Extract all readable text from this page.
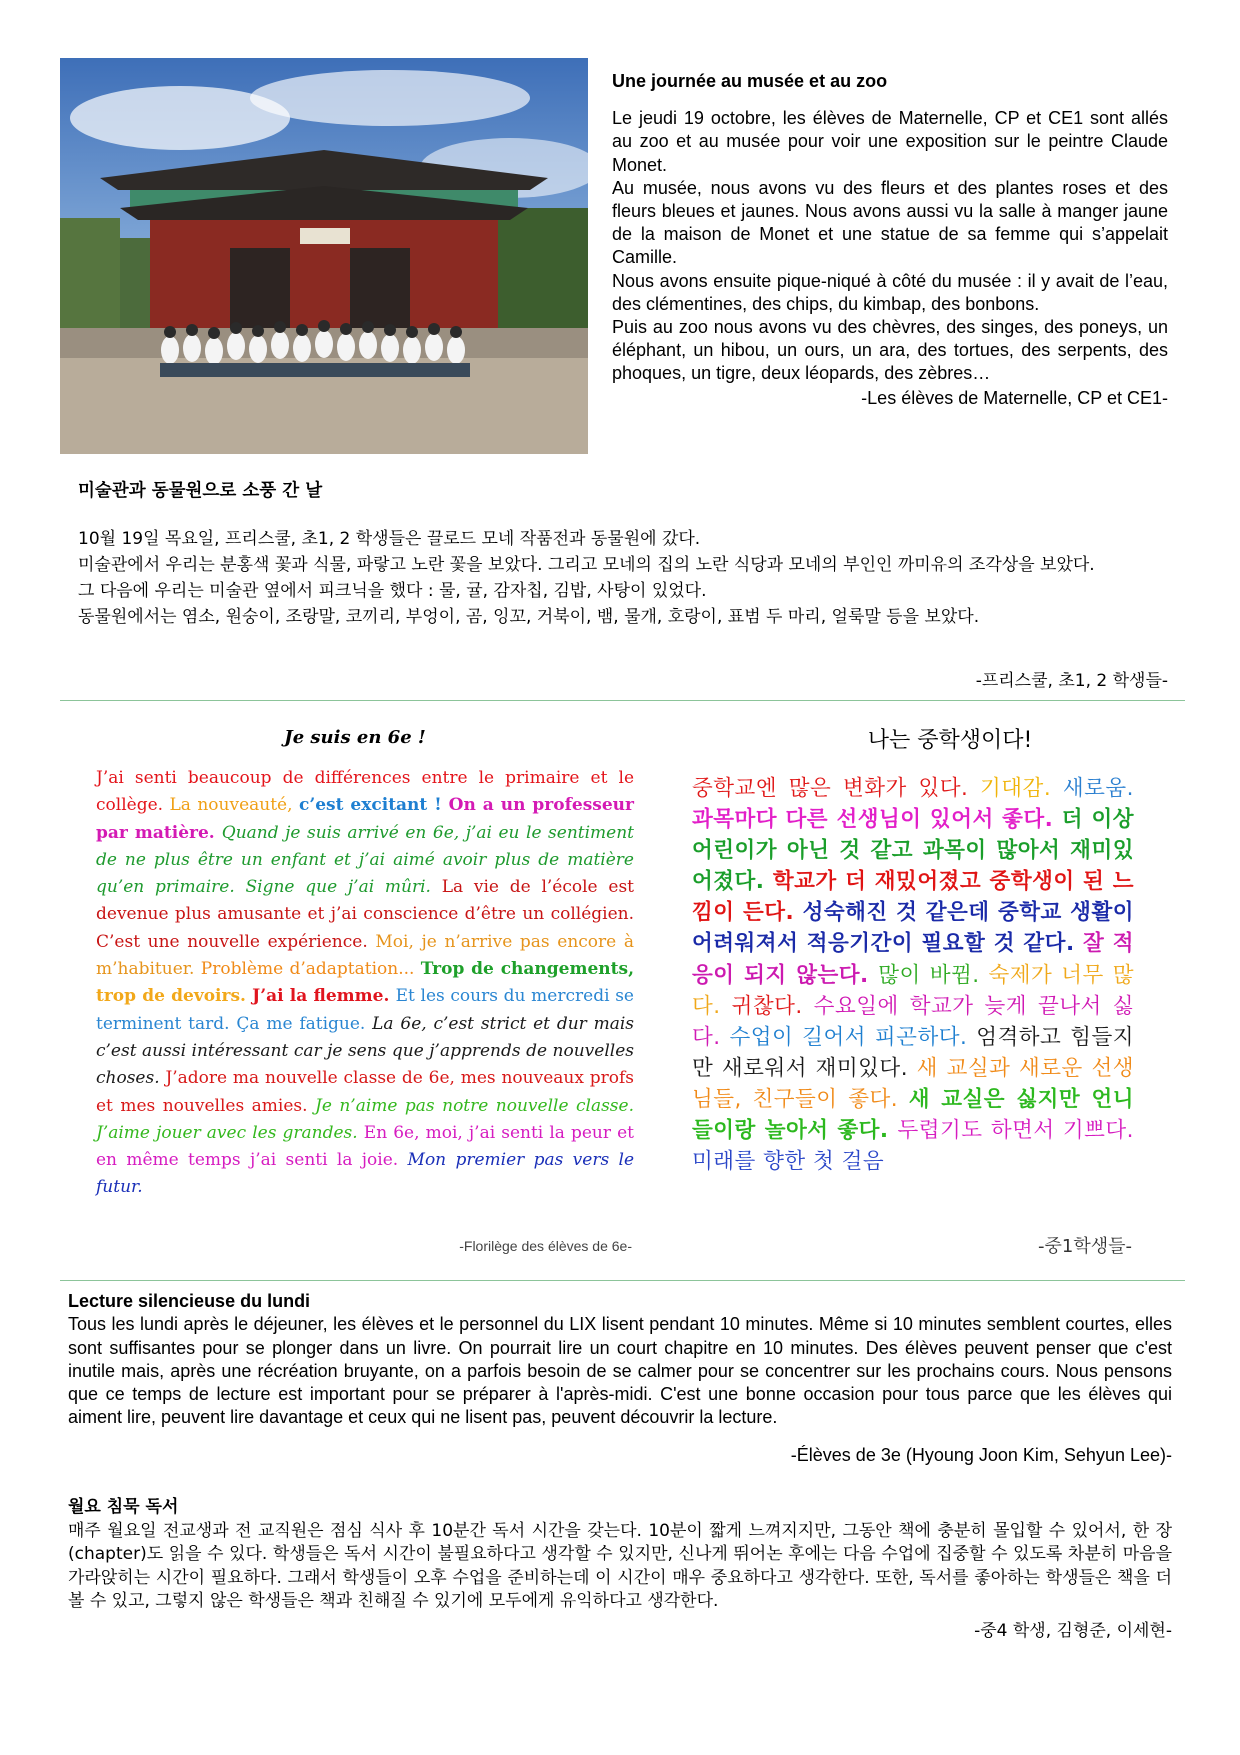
Une journée au musée et au zoo

Le jeudi 19 octobre, les élèves de Maternelle, CP et CE1 sont allés au zoo et au musée pour voir une exposition sur le peintre Claude Monet.

Au musée, nous avons vu des fleurs et des plantes roses et des fleurs bleues et jaunes. Nous avons aussi vu la salle à manger jaune de la maison de Monet et une statue de sa femme qui s’appelait Camille.

Nous avons ensuite pique-niqué à côté du musée : il y avait de l’eau, des clémentines, des chips, du kimbap, des bonbons.

Puis au zoo nous avons vu des chèvres, des singes, des poneys, un éléphant, un hibou, un ours, un ara, des tortues, des serpents, des phoques, un tigre, deux léopards, des zèbres…

-Les élèves de Maternelle, CP et CE1-

미술관과 동물원으로 소풍 간 날

10월 19일 목요일, 프리스쿨, 초1, 2 학생들은 끌로드 모네 작품전과 동물원에 갔다.

미술관에서 우리는 분홍색 꽃과 식물, 파랗고 노란 꽃을 보았다. 그리고 모네의 집의 노란 식당과 모네의 부인인 까미유의 조각상을 보았다.

그 다음에 우리는 미술관 옆에서 피크닉을 했다 : 물, 귤, 감자칩, 김밥, 사탕이 있었다.

동물원에서는 염소, 원숭이, 조랑말, 코끼리, 부엉이, 곰, 잉꼬, 거북이, 뱀, 물개, 호랑이, 표범 두 마리, 얼룩말 등을 보았다.

-프리스쿨, 초1, 2 학생들-
Je suis en 6e !
J’ai senti beaucoup de différences entre le primaire et le collège. La nouveauté, c’est excitant ! On a un professeur par matière. Quand je suis arrivé en 6e, j’ai eu le sentiment de ne plus être un enfant et j’ai aimé avoir plus de matière qu’en primaire. Signe que j’ai mûri. La vie de l’école est devenue plus amusante et j’ai conscience d’être un collégien. C’est une nouvelle expérience. Moi, je n’arrive pas encore à m’habituer. Problème d’adaptation... Trop de changements, trop de devoirs. J’ai la flemme. Et les cours du mercredi se terminent tard. Ça me fatigue. La 6e, c’est strict et dur mais c’est aussi intéressant car je sens que j’apprends de nouvelles choses. J’adore ma nouvelle classe de 6e, mes nouveaux profs et mes nouvelles amies. Je n’aime pas notre nouvelle classe. J’aime jouer avec les grandes. En 6e, moi, j’ai senti la peur et en même temps j’ai senti la joie. Mon premier pas vers le futur.
-Florilège des élèves de 6e-
나는 중학생이다!
중학교엔 많은 변화가 있다. 기대감. 새로움. 과목마다 다른 선생님이 있어서 좋다. 더 이상 어린이가 아닌 것 같고 과목이 많아서 재미있어졌다. 학교가 더 재밌어졌고 중학생이 된 느낌이 든다. 성숙해진 것 같은데 중학교 생활이 어려워져서 적응기간이 필요할 것 같다. 잘 적응이 되지 않는다. 많이 바뀜. 숙제가 너무 많다. 귀찮다. 수요일에 학교가 늦게 끝나서 싫다. 수업이 길어서 피곤하다. 엄격하고 힘들지만 새로워서 재미있다. 새 교실과 새로운 선생님들, 친구들이 좋다. 새 교실은 싫지만 언니들이랑 놀아서 좋다. 두렵기도 하면서 기쁘다. 미래를 향한 첫 걸음
-중1학생들-
Lecture silencieuse du lundi

Tous les lundi après le déjeuner, les élèves et le personnel du LIX lisent pendant 10 minutes. Même si 10 minutes semblent courtes, elles sont suffisantes pour se plonger dans un livre. On pourrait lire un court chapitre en 10 minutes. Des élèves peuvent penser que c'est inutile mais, après une récréation bruyante, on a parfois besoin de se calmer pour se concentrer sur les prochains cours. Nous pensons que ce temps de lecture est important pour se préparer à l'après-midi. C'est une bonne occasion pour tous parce que les élèves qui aiment lire, peuvent lire davantage et ceux qui ne lisent pas, peuvent découvrir la lecture.

-Élèves de 3e (Hyoung Joon Kim, Sehyun Lee)-

월요 침묵 독서

매주 월요일 전교생과 전 교직원은 점심 식사 후 10분간 독서 시간을 갖는다. 10분이 짧게 느껴지지만, 그동안 책에 충분히 몰입할 수 있어서, 한 장(chapter)도 읽을 수 있다. 학생들은 독서 시간이 불필요하다고 생각할 수 있지만, 신나게 뛰어논 후에는 다음 수업에 집중할 수 있도록 차분히 마음을 가라앉히는 시간이 필요하다. 그래서 학생들이 오후 수업을 준비하는데 이 시간이 매우 중요하다고 생각한다. 또한, 독서를 좋아하는 학생들은 책을 더 볼 수 있고, 그렇지 않은 학생들은 책과 친해질 수 있기에 모두에게 유익하다고 생각한다.

-중4 학생, 김형준, 이세현-
